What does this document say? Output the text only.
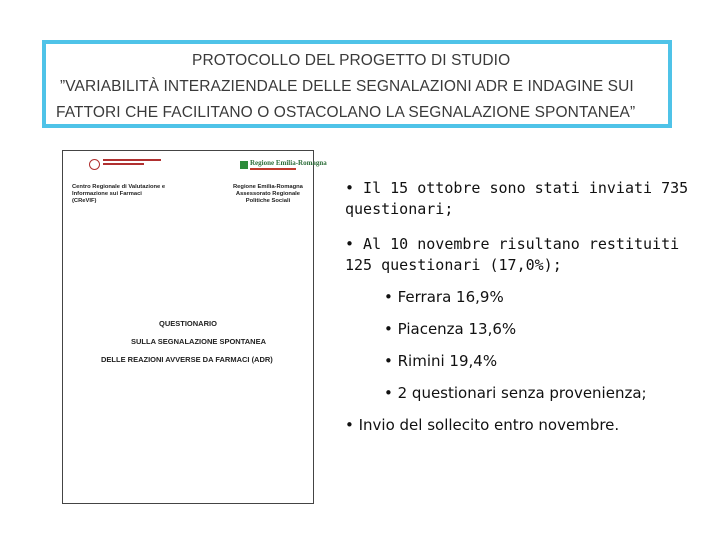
PROTOCOLLO DEL PROGETTO DI STUDIO
”VARIABILITÀ INTERAZIENDALE DELLE SEGNALAZIONI ADR E INDAGINE SUI
FATTORI CHE FACILITANO O OSTACOLANO LA SEGNALAZIONE SPONTANEA”
Regione Emilia-Romagna
Centro Regionale di Valutazione e
Informazione sui Farmaci
(CReVIF)
Regione Emilia-Romagna
Assessorato Regionale
Politiche Sociali
QUESTIONARIO
SULLA SEGNALAZIONE SPONTANEA
DELLE REAZIONI AVVERSE DA FARMACI (ADR)
• Il 15 ottobre sono stati inviati 735 questionari;
• Al 10 novembre risultano restituiti 125 questionari (17,0%);
• Ferrara 16,9%
• Piacenza 13,6%
• Rimini 19,4%
• 2 questionari senza provenienza;
• Invio del sollecito entro novembre.
